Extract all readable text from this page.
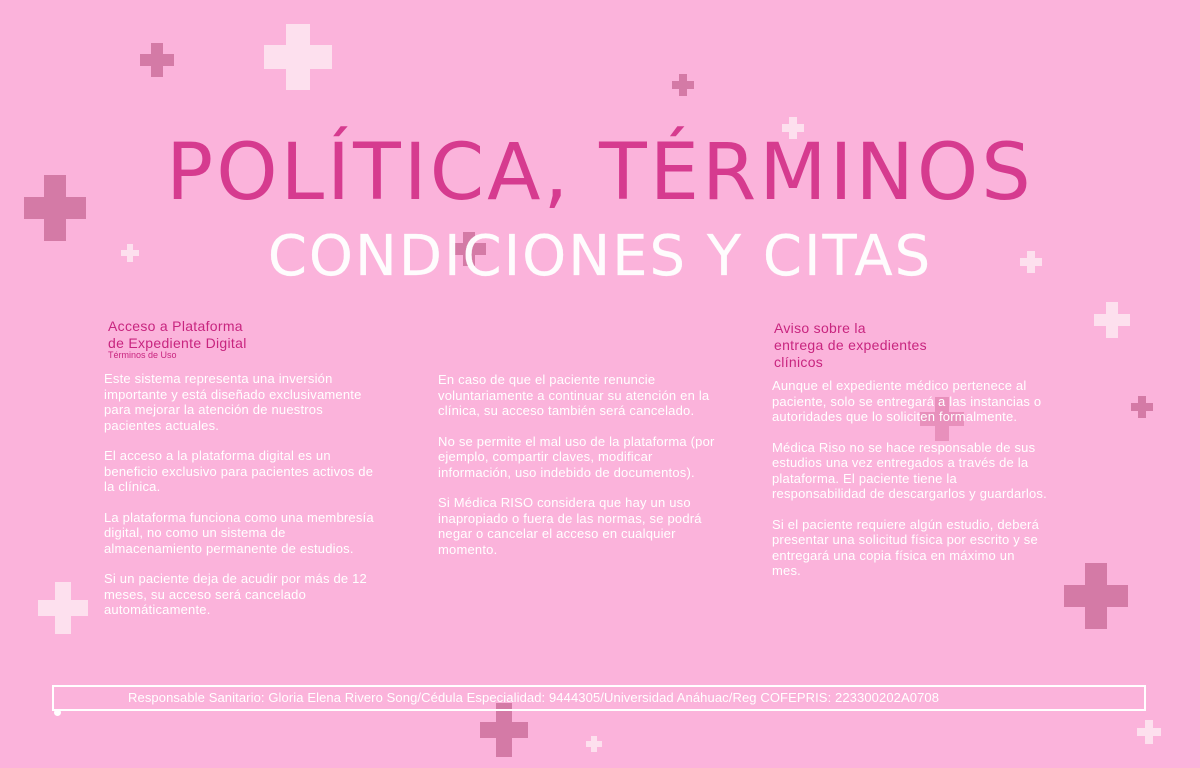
POLÍTICA, TÉRMINOS
CONDICIONES Y CITAS
Acceso a Plataforma
de Expediente Digital
Términos de Uso

Este sistema representa una inversión importante y está diseñado exclusivamente para mejorar la atención de nuestros pacientes actuales.

El acceso a la plataforma digital es un beneficio exclusivo para pacientes activos de la clínica.

La plataforma funciona como una membresía digital, no como un sistema de almacenamiento permanente de estudios.

Si un paciente deja de acudir por más de 12 meses, su acceso será cancelado automáticamente.

En caso de que el paciente renuncie voluntariamente a continuar su atención en la clínica, su acceso también será cancelado.

No se permite el mal uso de la plataforma (por ejemplo, compartir claves, modificar información, uso indebido de documentos).

Si Médica RISO considera que hay un uso inapropiado o fuera de las normas, se podrá negar o cancelar el acceso en cualquier momento.

Aviso sobre la
entrega de expedientes
clínicos

Aunque el expediente médico pertenece al paciente, solo se entregará a las instancias o autoridades que lo soliciten formalmente.

Médica Riso no se hace responsable de sus estudios una vez entregados a través de la plataforma. El paciente tiene la responsabilidad de descargarlos y guardarlos.

Si el paciente requiere algún estudio, deberá presentar una solicitud física por escrito y se entregará una copia física en máximo un mes.

Responsable Sanitario: Gloria Elena Rivero Song/Cédula Especialidad: 9444305/Universidad Anáhuac/Reg COFEPRIS: 223300202A0708
